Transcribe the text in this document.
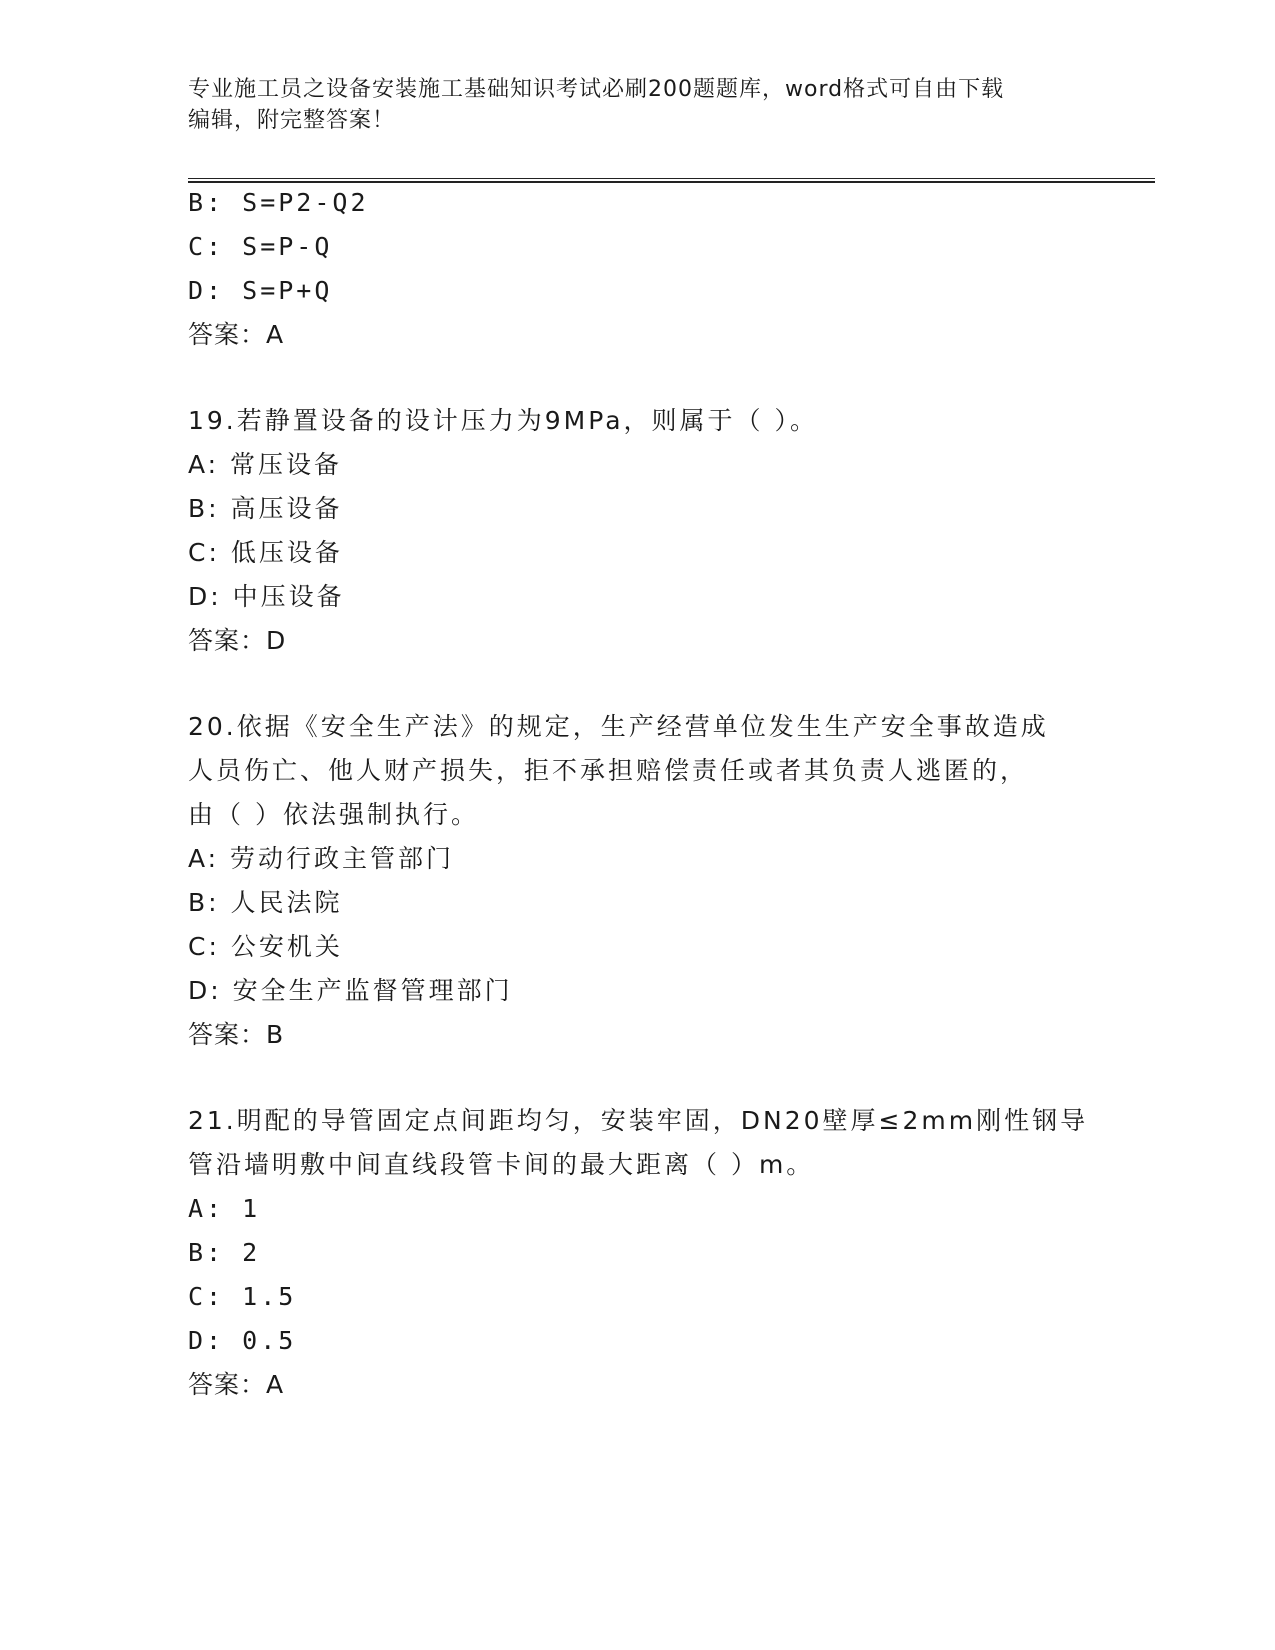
专业施工员之设备安装施工基础知识考试必刷200题题库，word格式可自由下载
编辑，附完整答案！
B: S=P2-Q2
C: S=P-Q
D: S=P+Q
答案：A
19.若静置设备的设计压力为9MPa，则属于（ ）。
A: 常压设备
B: 高压设备
C: 低压设备
D: 中压设备
答案：D
20.依据《安全生产法》的规定，生产经营单位发生生产安全事故造成
人员伤亡、他人财产损失，拒不承担赔偿责任或者其负责人逃匿的，
由（ ）依法强制执行。
A: 劳动行政主管部门
B: 人民法院
C: 公安机关
D: 安全生产监督管理部门
答案：B
21.明配的导管固定点间距均匀，安装牢固，DN20壁厚≤2mm刚性钢导
管沿墙明敷中间直线段管卡间的最大距离（ ）m。
A: 1
B: 2
C: 1.5
D: 0.5
答案：A
